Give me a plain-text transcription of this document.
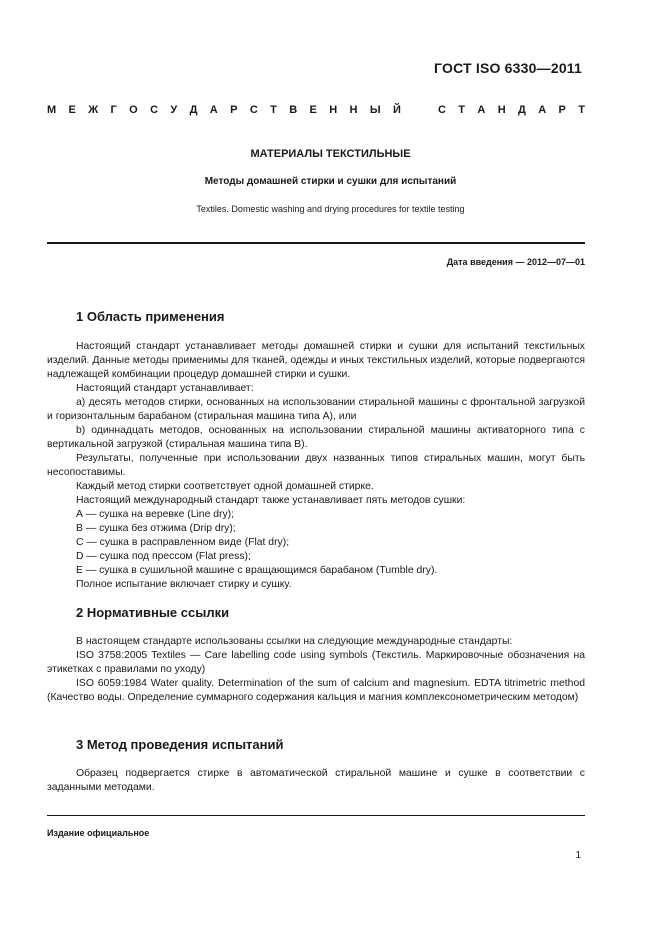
ГОСТ ISO 6330—2011
М Е Ж Г О С У Д А Р С Т В Е Н Н Ы Й	С Т А Н Д А Р Т
МАТЕРИАЛЫ ТЕКСТИЛЬНЫЕ
Методы домашней стирки и сушки для испытаний
Textiles. Domestic washing and drying procedures for textile testing
Дата введения — 2012—07—01
1 Область применения

Настоящий стандарт устанавливает методы домашней стирки и сушки для испытаний текстильных изделий. Данные методы применимы для тканей, одежды и иных текстильных изделий, которые подвергаются надлежащей комбинации процедур домашней стирки и сушки.

Настоящий стандарт устанавливает:

a) десять методов стирки, основанных на использовании стиральной машины с фронтальной загрузкой и горизонтальным барабаном (стиральная машина типа А), или

b) одиннадцать методов, основанных на использовании стиральной машины активаторного типа с вертикальной загрузкой (стиральная машина типа В).

Результаты, полученные при использовании двух названных типов стиральных машин, могут быть несопоставимы.

Каждый метод стирки соответствует одной домашней стирке.

Настоящий международный стандарт также устанавливает пять методов сушки:

А — сушка на веревке (Line dry);

В — сушка без отжима (Drip dry);

С — сушка в расправленном виде (Flat dry);

D — сушка под прессом (Flat press);

E — сушка в сушильной машине с вращающимся барабаном (Tumble dry).

Полное испытание включает стирку и сушку.

2 Нормативные ссылки

В настоящем стандарте использованы ссылки на следующие международные стандарты:

ISO 3758:2005 Textiles — Care labelling code using symbols (Текстиль. Маркировочные обозначения на этикетках с правилами по уходу)

ISO 6059:1984 Water quality. Determination of the sum of calcium and magnesium. EDTA titrimetric method (Качество воды. Определение суммарного содержания кальция и магния комплексонометрическим методом)

3 Метод проведения испытаний

Образец подвергается стирке в автоматической стиральной машине и сушке в соответствии с заданными методами.

Издание официальное
1
